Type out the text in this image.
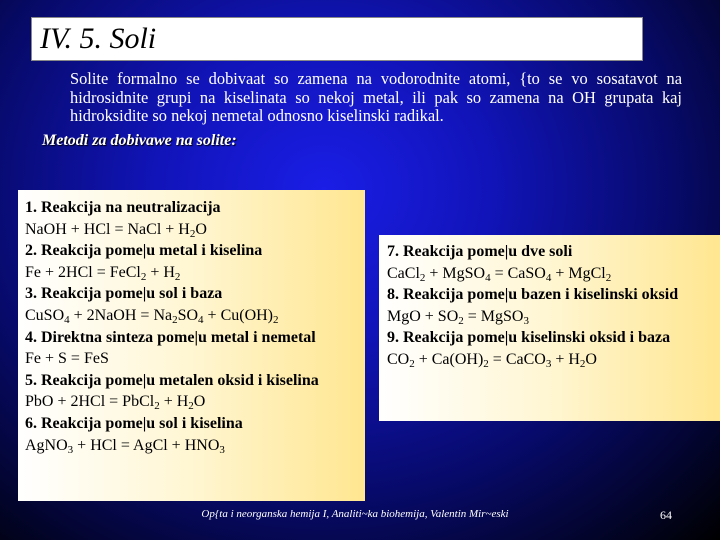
IV. 5. Soli
Solite formalno se dobivaat so zamena na vodorodnite atomi, {to se vo sosatavot na hidrosidnite grupi na kiselinata so nekoj metal, ili pak so zamena na OH grupata kaj hidroksidite so nekoj nemetal odnosno kiselinski radikal.
Metodi za dobivawe na solite:
1. Reakcija na neutralizacija
NaOH + HCl = NaCl + $H_2O$
2. Reakcija pome|u metal i kiselina
Fe + 2HCl = FeCl$_2$ + $H_2$
3. Reakcija pome|u sol i baza
CuSO$_4$ + 2NaOH = $Na_2SO_4 + Cu(OH)_2$
4. Direktna sinteza pome|u metal i nemetal
Fe + S = FeS
5. Reakcija pome|u metalen oksid i kiselina
PbO + 2HCl = PbCl$_2$ + $H_2O$
6. Reakcija pome|u sol i kiselina
AgNO$_3$ + HCl = AgCl + $HNO_3$
7. Reakcija pome|u dve soli
CaCl$_2$ + MgSO$_4$ = CaSO$_4$ + MgCl$_2$
8. Reakcija pome|u bazen i kiselinski oksid
MgO + $SO_2$ = MgSO$_3$
9. Reakcija pome|u kiselinski oksid i baza
$CO_2 + Ca(OH)_2$ = CaCO$_3$ + $H_2O$
Op{ta i neorganska hemija I, Analiti~ka biohemija, Valentin Mir~eski	64
